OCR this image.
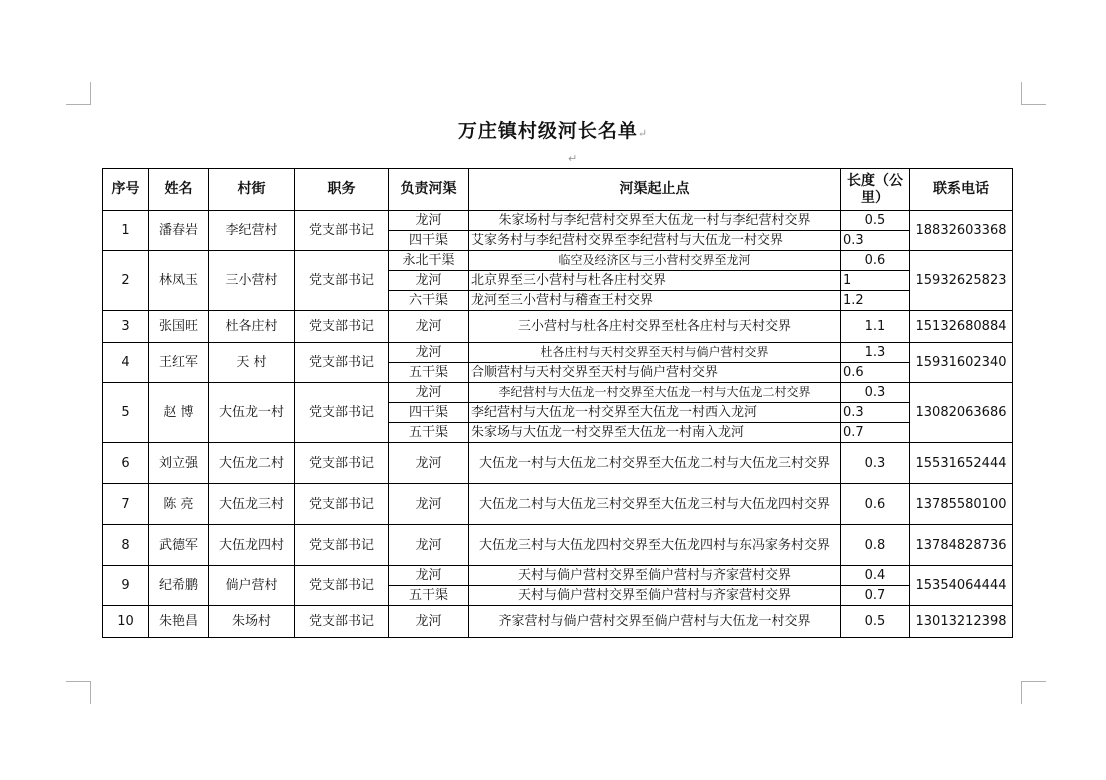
万庄镇村级河长名单↵
↵
序号	姓名	村街	职务	负责河渠	河渠起止点	长度（公里）	联系电话
1	潘春岩	李纪营村	党支部书记	龙河	朱家场村与李纪营村交界至大伍龙一村与李纪营村交界	0.5	18832603368
				四干渠	艾家务村与李纪营村交界至李纪营村与大伍龙一村交界	0.3	
2	林凤玉	三小营村	党支部书记	永北干渠	临空及经济区与三小营村交界至龙河	0.6	15932625823
				龙河	北京界至三小营村与杜各庄村交界	1	
				六干渠	龙河至三小营村与稽查王村交界	1.2	
3	张国旺	杜各庄村	党支部书记	龙河	三小营村与杜各庄村交界至杜各庄村与天村交界	1.1	15132680884
4	王红军	天 村	党支部书记	龙河	杜各庄村与天村交界至天村与倘户营村交界	1.3	15931602340
				五干渠	合顺营村与天村交界至天村与倘户营村交界	0.6	
5	赵 博	大伍龙一村	党支部书记	龙河	李纪营村与大伍龙一村交界至大伍龙一村与大伍龙二村交界	0.3	13082063686
				四干渠	李纪营村与大伍龙一村交界至大伍龙一村西入龙河	0.3	
				五干渠	朱家场与大伍龙一村交界至大伍龙一村南入龙河	0.7	
6	刘立强	大伍龙二村	党支部书记	龙河	大伍龙一村与大伍龙二村交界至大伍龙二村与大伍龙三村交界	0.3	15531652444
7	陈 亮	大伍龙三村	党支部书记	龙河	大伍龙二村与大伍龙三村交界至大伍龙三村与大伍龙四村交界	0.6	13785580100
8	武德军	大伍龙四村	党支部书记	龙河	大伍龙三村与大伍龙四村交界至大伍龙四村与东冯家务村交界	0.8	13784828736
9	纪希鹏	倘户营村	党支部书记	龙河	天村与倘户营村交界至倘户营村与齐家营村交界	0.4	15354064444
				五干渠	天村与倘户营村交界至倘户营村与齐家营村交界	0.7	
10	朱艳昌	朱场村	党支部书记	龙河	齐家营村与倘户营村交界至倘户营村与大伍龙一村交界	0.5	13013212398
